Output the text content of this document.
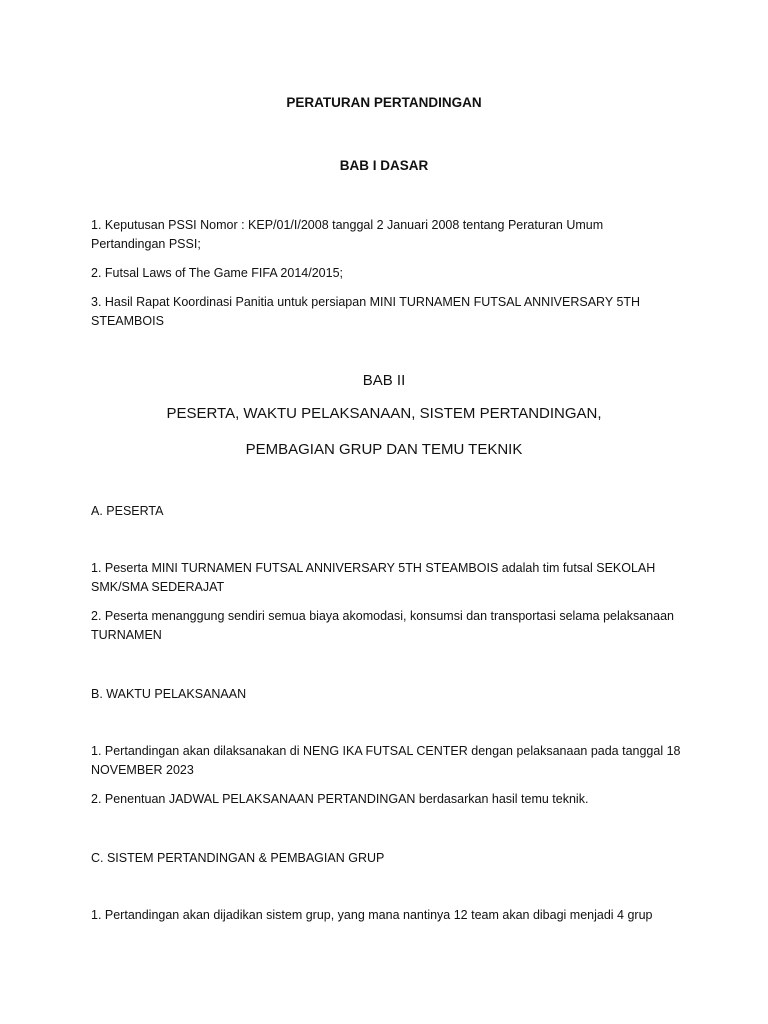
PERATURAN PERTANDINGAN

BAB I DASAR

1. Keputusan PSSI Nomor : KEP/01/I/2008 tanggal 2 Januari 2008 tentang Peraturan Umum

Pertandingan PSSI;

2. Futsal Laws of The Game FIFA 2014/2015;

3. Hasil Rapat Koordinasi Panitia untuk persiapan MINI TURNAMEN FUTSAL ANNIVERSARY 5TH

STEAMBOIS

BAB II

PESERTA, WAKTU PELAKSANAAN, SISTEM PERTANDINGAN,

PEMBAGIAN GRUP DAN TEMU TEKNIK

A. PESERTA

1. Peserta MINI TURNAMEN FUTSAL ANNIVERSARY 5TH STEAMBOIS adalah tim futsal SEKOLAH

SMK/SMA SEDERAJAT

2. Peserta menanggung sendiri semua biaya akomodasi, konsumsi dan transportasi selama pelaksanaan

TURNAMEN

B. WAKTU PELAKSANAAN

1. Pertandingan akan dilaksanakan di NENG IKA FUTSAL CENTER dengan pelaksanaan pada tanggal 18

NOVEMBER 2023

2. Penentuan JADWAL PELAKSANAAN PERTANDINGAN berdasarkan hasil temu teknik.

C. SISTEM PERTANDINGAN & PEMBAGIAN GRUP

1. Pertandingan akan dijadikan sistem grup, yang mana nantinya 12 team akan dibagi menjadi 4 grup
